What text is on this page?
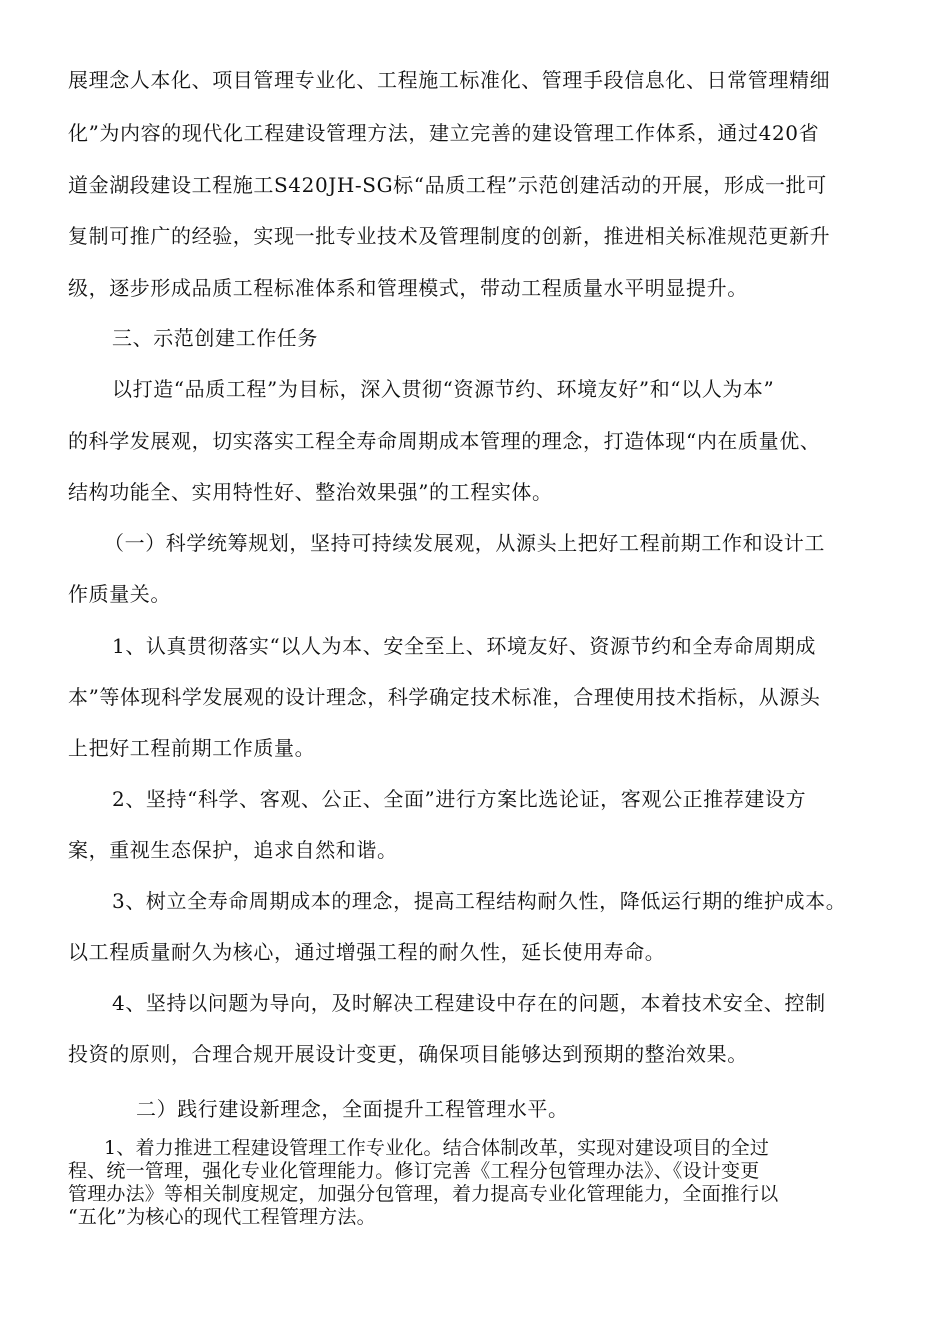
展理念人本化、项目管理专业化、工程施工标准化、管理手段信息化、日常管理精细
化”为内容的现代化工程建设管理方法，建立完善的建设管理工作体系，通过420省
道金湖段建设工程施工S420JH-SG标“品质工程”示范创建活动的开展，形成一批可
复制可推广的经验，实现一批专业技术及管理制度的创新，推进相关标准规范更新升
级，逐步形成品质工程标准体系和管理模式，带动工程质量水平明显提升。
三、示范创建工作任务
以打造“品质工程”为目标，深入贯彻“资源节约、环境友好”和“以人为本”
的科学发展观，切实落实工程全寿命周期成本管理的理念，打造体现“内在质量优、
结构功能全、实用特性好、整治效果强”的工程实体。
（一）科学统筹规划，坚持可持续发展观，从源头上把好工程前期工作和设计工
作质量关。
1、认真贯彻落实“以人为本、安全至上、环境友好、资源节约和全寿命周期成
本”等体现科学发展观的设计理念，科学确定技术标准，合理使用技术指标，从源头
上把好工程前期工作质量。
2、坚持“科学、客观、公正、全面”进行方案比选论证，客观公正推荐建设方
案，重视生态保护，追求自然和谐。
3、树立全寿命周期成本的理念，提高工程结构耐久性，降低运行期的维护成本。
以工程质量耐久为核心，通过增强工程的耐久性，延长使用寿命。
4、坚持以问题为导向，及时解决工程建设中存在的问题，本着技术安全、控制
投资的原则，合理合规开展设计变更，确保项目能够达到预期的整治效果。
二）践行建设新理念，全面提升工程管理水平。
1、着力推进工程建设管理工作专业化。结合体制改革，实现对建设项目的全过
程、统一管理，强化专业化管理能力。修订完善《工程分包管理办法》、《设计变更
管理办法》等相关制度规定，加强分包管理，着力提高专业化管理能力，全面推行以
“五化”为核心的现代工程管理方法。
